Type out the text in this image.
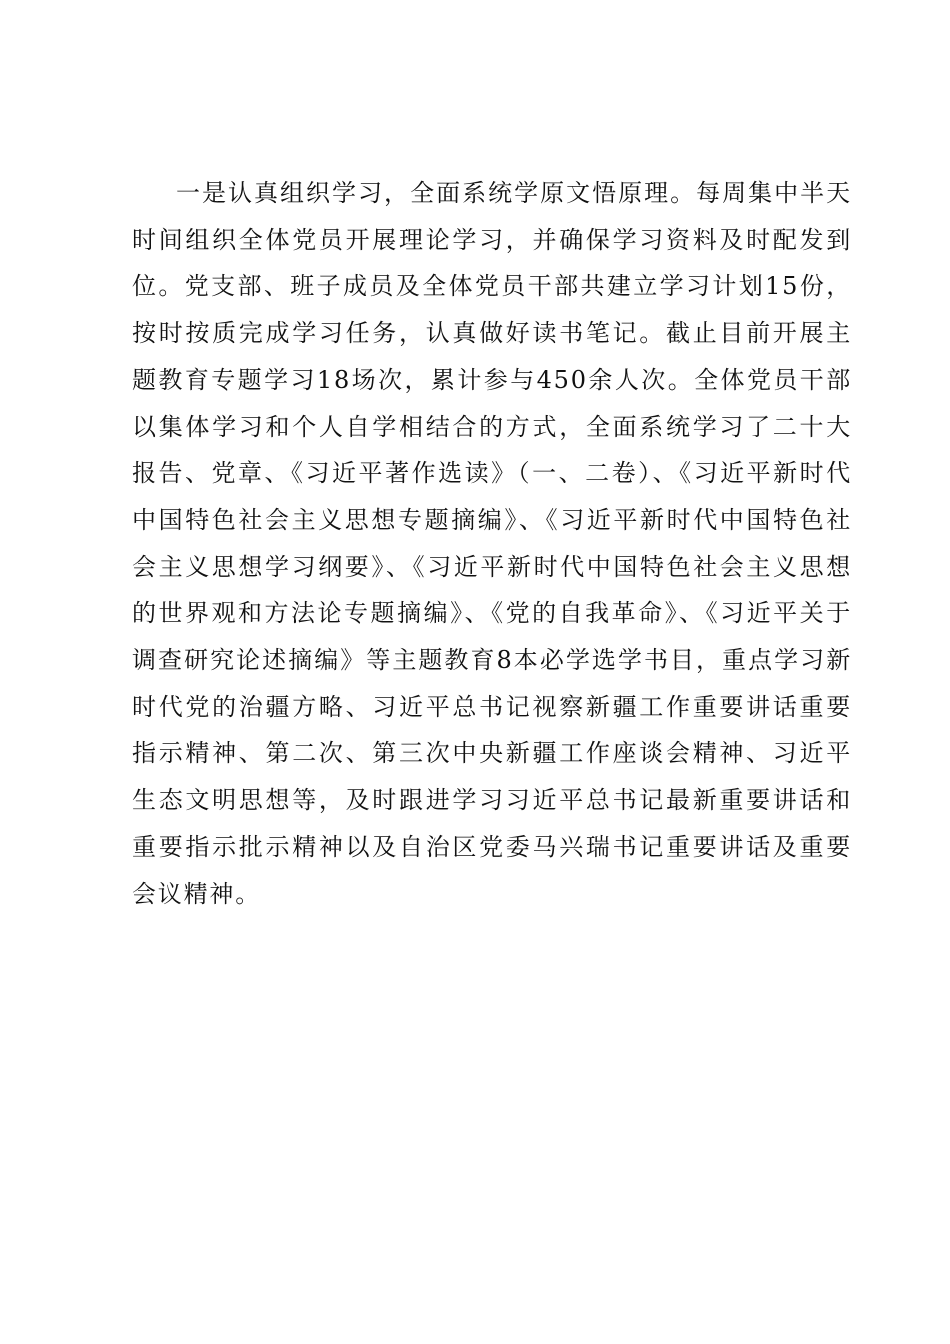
一是认真组织学习，全面系统学原文悟原理。每周集中半天时间组织全体党员开展理论学习，并确保学习资料及时配发到位。党支部、班子成员及全体党员干部共建立学习计划15份，按时按质完成学习任务，认真做好读书笔记。截止目前开展主题教育专题学习18场次，累计参与450余人次。全体党员干部以集体学习和个人自学相结合的方式，全面系统学习了二十大报告、党章、《习近平著作选读》（一、二卷）、《习近平新时代中国特色社会主义思想专题摘编》、《习近平新时代中国特色社会主义思想学习纲要》、《习近平新时代中国特色社会主义思想的世界观和方法论专题摘编》、《党的自我革命》、《习近平关于调查研究论述摘编》等主题教育8本必学选学书目，重点学习新时代党的治疆方略、习近平总书记视察新疆工作重要讲话重要指示精神、第二次、第三次中央新疆工作座谈会精神、习近平生态文明思想等，及时跟进学习习近平总书记最新重要讲话和重要指示批示精神以及自治区党委马兴瑞书记重要讲话及重要会议精神。
